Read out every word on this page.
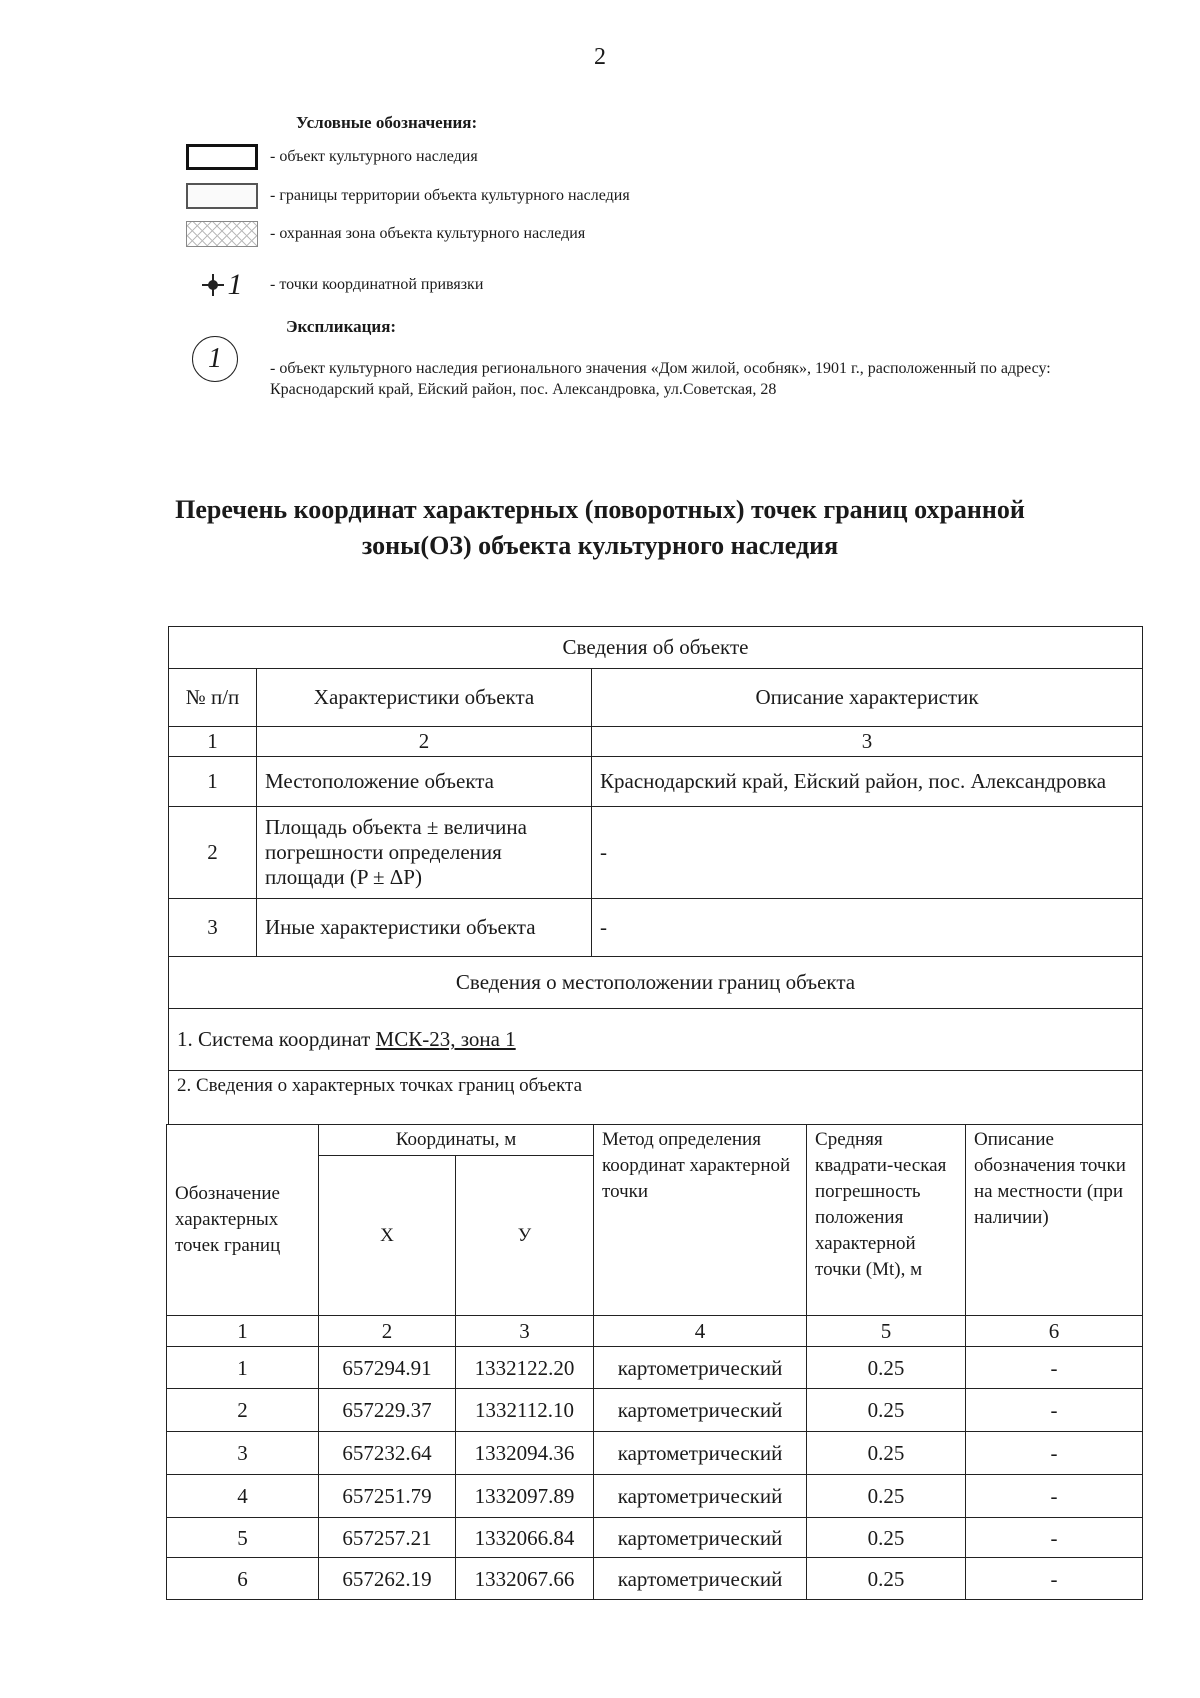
2
Условные обозначения:
- объект культурного наследия
- границы территории объекта культурного наследия
- охранная зона объекта культурного наследия
1 - точки координатной привязки
Экспликация:
1	- объект культурного наследия регионального значения «Дом жилой, особняк», 1901 г., расположенный по адресу: Краснодарский край, Ейский район, пос. Александровка, ул.Советская, 28
Перечень координат характерных (поворотных) точек границ охранной
зоны(ОЗ) объекта культурного наследия
Сведения об объекте		
№ п/п	Характеристики объекта	Описание характеристик
1	2	3
1	Местоположение объекта	Краснодарский край, Ейский район, пос. Александровка
2	Площадь объекта ± величина погрешности определения площади (P ± ΔP)	-
3	Иные характеристики объекта	-
Сведения о местоположении границ объекта		
1. Система координат МСК-23, зона 1		
2. Сведения о характерных точках границ объекта		
Обозначение характерных точек границ	Координаты, м		Метод определения координат характерной точки	Средняя квадрати-ческая погрешность положения характерной точки (Mt), м	Описание обозначения точки на местности (при наличии)
	X	У			
1	2	3	4	5	6
1	657294.91	1332122.20	картометрический	0.25	-
2	657229.37	1332112.10	картометрический	0.25	-
3	657232.64	1332094.36	картометрический	0.25	-
4	657251.79	1332097.89	картометрический	0.25	-
5	657257.21	1332066.84	картометрический	0.25	-
6	657262.19	1332067.66	картометрический	0.25	-
